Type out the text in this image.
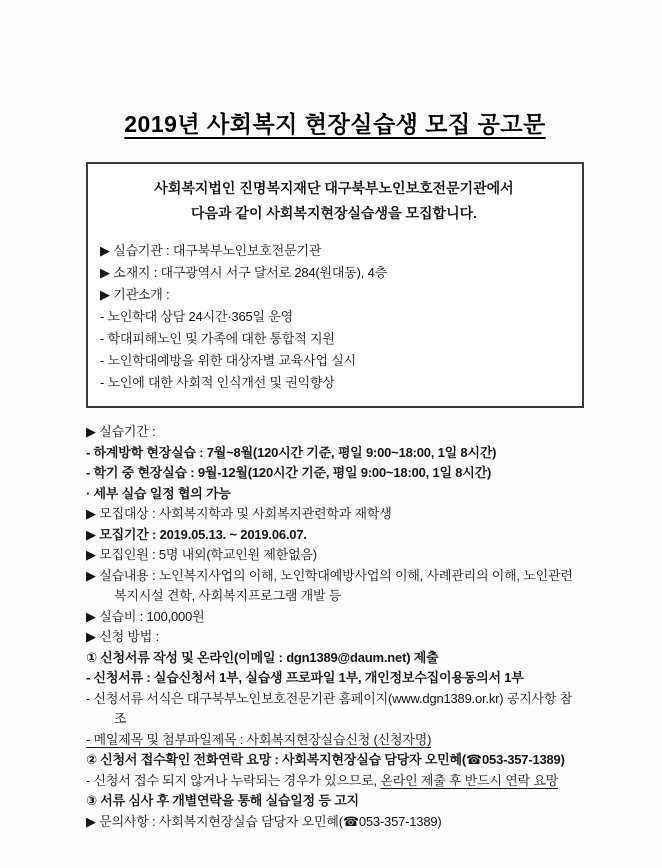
2019년 사회복지 현장실습생 모집 공고문

사회복지법인 진명복지재단 대구북부노인보호전문기관에서

다음과 같이 사회복지현장실습생을 모집합니다.

▶ 실습기관 : 대구북부노인보호전문기관

▶ 소재지 : 대구광역시 서구 달서로 284(원대동), 4층

▶ 기관소개 :

- 노인학대 상담 24시간·365일 운영

- 학대피해노인 및 가족에 대한 통합적 지원

- 노인학대예방을 위한 대상자별 교육사업 실시

- 노인에 대한 사회적 인식개선 및 권익향상

▶ 실습기간 :

- 하계방학 현장실습 : 7월~8월(120시간 기준, 평일 9:00~18:00, 1일 8시간)

- 학기 중 현장실습 : 9월-12월(120시간 기준, 평일 9:00~18:00, 1일 8시간)

· 세부 실습 일정 협의 가능

▶ 모집대상 : 사회복지학과 및 사회복지관련학과 재학생

▶ 모집기간 : 2019.05.13. ~ 2019.06.07.

▶ 모집인원 : 5명 내외(학교인원 제한없음)

▶ 실습내용 : 노인복지사업의 이해, 노인학대예방사업의 이해, 사례관리의 이해, 노인관련

복지시설 견학, 사회복지프로그램 개발 등

▶ 실습비 : 100,000원

▶ 신청 방법 :

① 신청서류 작성 및 온라인(이메일 : dgn1389@daum.net) 제출

- 신청서류 : 실습신청서 1부, 실습생 프로파일 1부, 개인정보수집이용동의서 1부

- 신청서류 서식은 대구북부노인보호전문기관 홈페이지(www.dgn1389.or.kr) 공지사항 참조

- 메일제목 및 첨부파일제목 : 사회복지현장실습신청 (신청자명)

② 신청서 접수확인 전화연락 요망 : 사회복지현장실습 담당자 오민혜(☎053-357-1389)

- 신청서 접수 되지 않거나 누락되는 경우가 있으므로, 온라인 제출 후 반드시 연락 요망

③ 서류 심사 후 개별연락을 통해 실습일정 등 고지

▶ 문의사항 : 사회복지현장실습 담당자 오민혜(☎053-357-1389)
